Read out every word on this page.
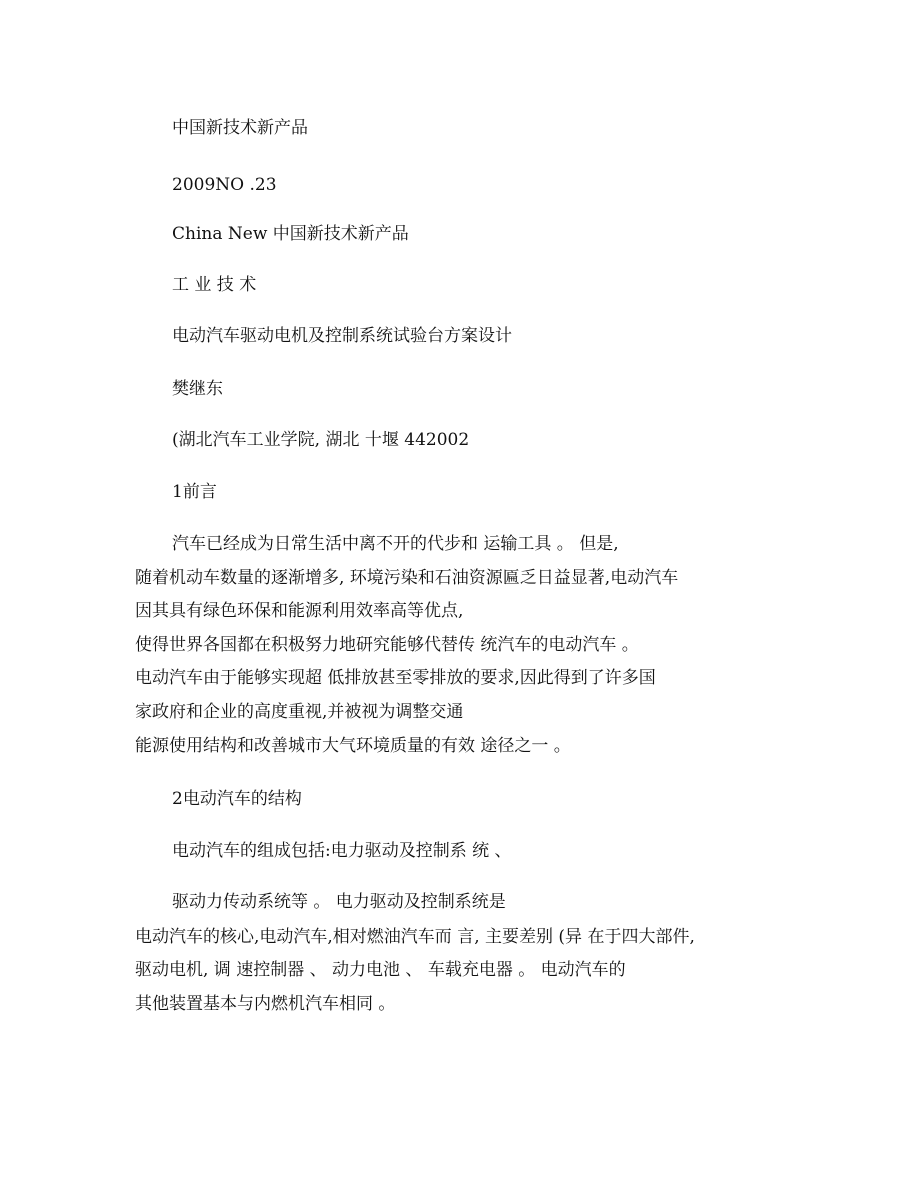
中国新技术新产品
2009NO .23
China New 中国新技术新产品
工 业 技 术
电动汽车驱动电机及控制系统试验台方案设计
樊继东
(湖北汽车工业学院, 湖北 十堰 442002
1前言
汽车已经成为日常生活中离不开的代步和 运输工具 。 但是,
随着机动车数量的逐渐增多, 环境污染和石油资源匾乏日益显著,电动汽车
因其具有绿色环保和能源利用效率高等优点,
使得世界各国都在积极努力地研究能够代替传 统汽车的电动汽车 。
电动汽车由于能够实现超 低排放甚至零排放的要求,因此得到了许多国
家政府和企业的高度重视,并被视为调整交通
能源使用结构和改善城市大气环境质量的有效 途径之一 。
2电动汽车的结构
电动汽车的组成包括:电力驱动及控制系 统 、
驱动力传动系统等 。 电力驱动及控制系统是
电动汽车的核心,电动汽车,相对燃油汽车而 言, 主要差别 (异 在于四大部件,
驱动电机, 调 速控制器 、 动力电池 、 车载充电器 。 电动汽车的
其他装置基本与内燃机汽车相同 。
